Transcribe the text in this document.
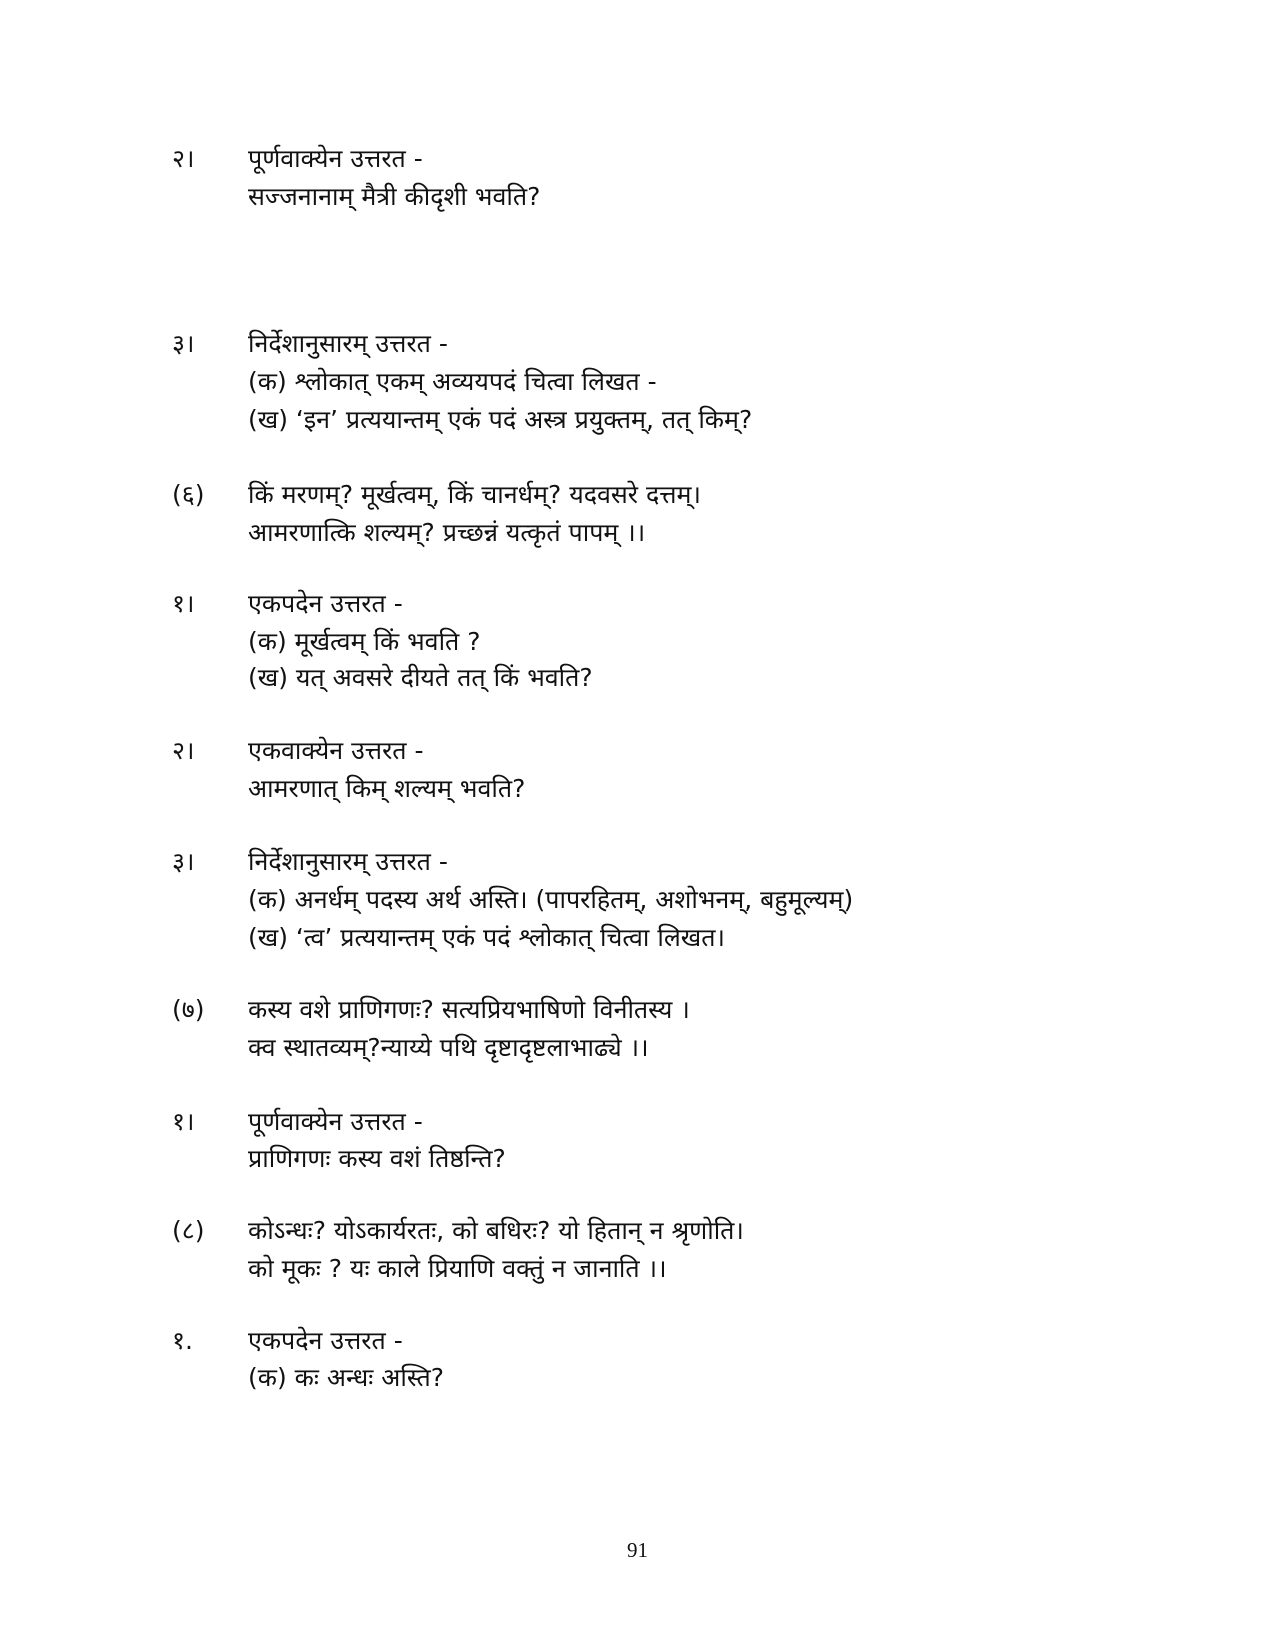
२। पूर्णवाक्येन उत्तरत -
सज्जनानाम् मैत्री कीदृशी भवति?
३। निर्देशानुसारम् उत्तरत -
(क) श्लोकात् एकम् अव्ययपदं चित्वा लिखत -
(ख) ‘इन’ प्रत्ययान्तम् एकं पदं अस्त्र प्रयुक्तम्, तत् किम्?
(६) किं मरणम्? मूर्खत्वम्, किं चानर्धम्? यदवसरे दत्तम्।
आमरणात्कि शल्यम्? प्रच्छन्नं यत्कृतं पापम् ।।
१। एकपदेन उत्तरत -
(क) मूर्खत्वम् किं भवति ?
(ख) यत् अवसरे दीयते तत् किं भवति?
२। एकवाक्येन उत्तरत -
आमरणात् किम् शल्यम् भवति?
३। निर्देशानुसारम् उत्तरत -
(क) अनर्धम् पदस्य अर्थ अस्ति। (पापरहितम्, अशोभनम्, बहुमूल्यम्)
(ख) ‘त्व’ प्रत्ययान्तम् एकं पदं श्लोकात् चित्वा लिखत।
(७) कस्य वशे प्राणिगणः? सत्यप्रियभाषिणो विनीतस्य ।
क्व स्थातव्यम्?न्याय्ये पथि दृष्टादृष्टलाभाढ्ये ।।
१। पूर्णवाक्येन उत्तरत -
प्राणिगणः कस्य वशं तिष्ठन्ति?
(८) कोऽन्धः? योऽकार्यरतः, को बधिरः? यो हितान् न श्रृणोति।
को मूकः ? यः काले प्रियाणि वक्तुं न जानाति ।।
१. एकपदेन उत्तरत -
(क) कः अन्धः अस्ति?
91
